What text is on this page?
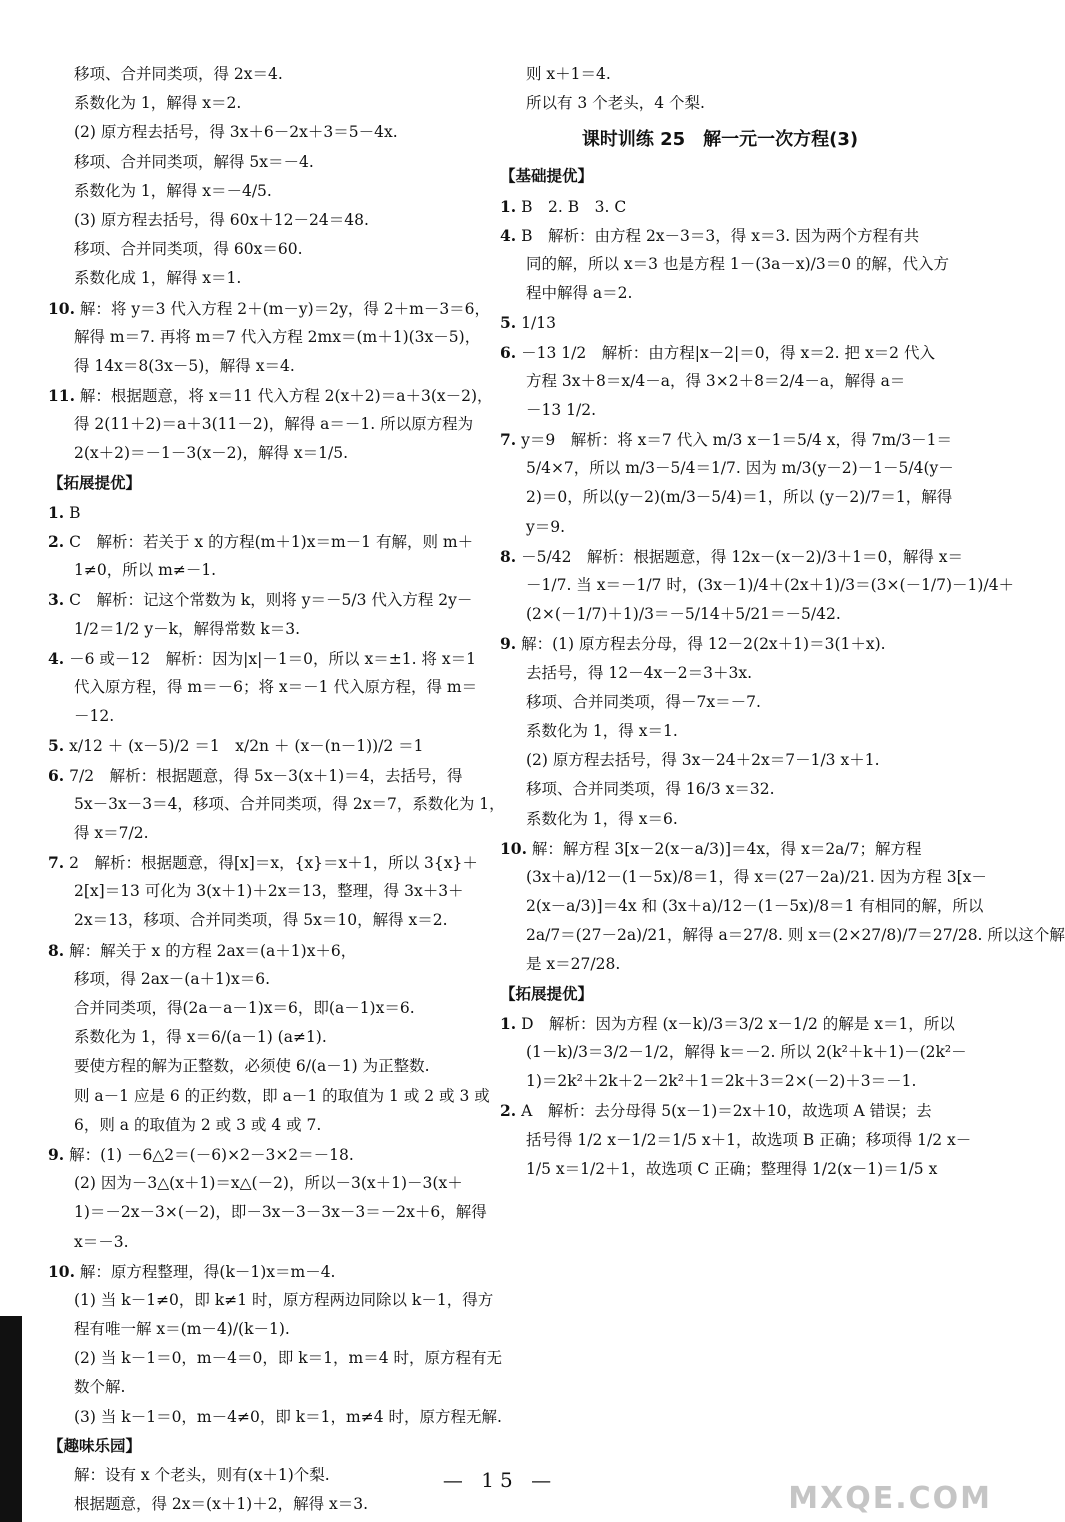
移项、合并同类项，得 2x＝4.
系数化为 1，解得 x＝2.
(2) 原方程去括号，得 3x＋6－2x＋3＝5－4x.
移项、合并同类项，解得 5x＝－4.
系数化为 1，解得 x＝－4/5.
(3) 原方程去括号，得 60x＋12－24＝48.
移项、合并同类项，得 60x＝60.
系数化成 1，解得 x＝1.
10. 解：将 y＝3 代入方程 2＋(m－y)＝2y，得 2＋m－3＝6，
解得 m＝7. 再将 m＝7 代入方程 2mx＝(m＋1)(3x－5)，
得 14x＝8(3x－5)，解得 x＝4.
11. 解：根据题意，将 x＝11 代入方程 2(x＋2)＝a＋3(x－2)，
得 2(11＋2)＝a＋3(11－2)，解得 a＝－1. 所以原方程为
2(x＋2)＝－1－3(x－2)，解得 x＝1/5.
【拓展提优】
1. B
2. C　解析：若关于 x 的方程(m＋1)x＝m－1 有解，则 m＋
1≠0，所以 m≠－1.
3. C　解析：记这个常数为 k，则将 y＝－5/3 代入方程 2y－
1/2＝1/2 y－k，解得常数 k＝3.
4. －6 或－12　解析：因为|x|－1＝0，所以 x＝±1. 将 x＝1
代入原方程，得 m＝－6；将 x＝－1 代入原方程，得 m＝
－12.
5. x/12 ＋ (x－5)/2 ＝1　x/2n ＋ (x－(n－1))/2 ＝1
6. 7/2　解析：根据题意，得 5x－3(x＋1)＝4，去括号，得
5x－3x－3＝4，移项、合并同类项，得 2x＝7，系数化为 1，
得 x＝7/2.
7. 2　解析：根据题意，得[x]＝x，{x}＝x＋1，所以 3{x}＋
2[x]＝13 可化为 3(x＋1)＋2x＝13，整理，得 3x＋3＋
2x＝13，移项、合并同类项，得 5x＝10，解得 x＝2.
8. 解：解关于 x 的方程 2ax＝(a＋1)x＋6，
移项，得 2ax－(a＋1)x＝6.
合并同类项，得(2a－a－1)x＝6，即(a－1)x＝6.
系数化为 1，得 x＝6/(a－1) (a≠1).
要使方程的解为正整数，必须使 6/(a－1) 为正整数.
则 a－1 应是 6 的正约数，即 a－1 的取值为 1 或 2 或 3 或
6，则 a 的取值为 2 或 3 或 4 或 7.
9. 解：(1) －6△2＝(－6)×2－3×2＝－18.
(2) 因为－3△(x＋1)＝x△(－2)，所以－3(x＋1)－3(x＋
1)＝－2x－3×(－2)，即－3x－3－3x－3＝－2x＋6，解得
x＝－3.
10. 解：原方程整理，得(k－1)x＝m－4.
(1) 当 k－1≠0，即 k≠1 时，原方程两边同除以 k－1，得方
程有唯一解 x＝(m－4)/(k－1).
(2) 当 k－1＝0，m－4＝0，即 k＝1，m＝4 时，原方程有无
数个解.
(3) 当 k－1＝0，m－4≠0，即 k＝1，m≠4 时，原方程无解.
【趣味乐园】
解：设有 x 个老头，则有(x＋1)个梨.
根据题意，得 2x＝(x＋1)＋2，解得 x＝3.
则 x＋1＝4.
所以有 3 个老头，4 个梨.
课时训练 25　解一元一次方程(3)
【基础提优】
1. B　2. B　3. C
4. B　解析：由方程 2x－3＝3，得 x＝3. 因为两个方程有共
同的解，所以 x＝3 也是方程 1－(3a－x)/3＝0 的解，代入方
程中解得 a＝2.
5. 1/13
6. －13 1/2　解析：由方程|x－2|＝0，得 x＝2. 把 x＝2 代入
方程 3x＋8＝x/4－a，得 3×2＋8＝2/4－a，解得 a＝
－13 1/2.
7. y＝9　解析：将 x＝7 代入 m/3 x－1＝5/4 x，得 7m/3－1＝
5/4×7，所以 m/3－5/4＝1/7. 因为 m/3(y－2)－1－5/4(y－
2)＝0，所以(y－2)(m/3－5/4)＝1，所以 (y－2)/7＝1，解得
y＝9.
8. －5/42　解析：根据题意，得 12x－(x－2)/3＋1＝0，解得 x＝
－1/7. 当 x＝－1/7 时，(3x－1)/4＋(2x＋1)/3＝(3×(－1/7)－1)/4＋
(2×(－1/7)＋1)/3＝－5/14＋5/21＝－5/42.
9. 解：(1) 原方程去分母，得 12－2(2x＋1)＝3(1＋x).
去括号，得 12－4x－2＝3＋3x.
移项、合并同类项，得－7x＝－7.
系数化为 1，得 x＝1.
(2) 原方程去括号，得 3x－24＋2x＝7－1/3 x＋1.
移项、合并同类项，得 16/3 x＝32.
系数化为 1，得 x＝6.
10. 解：解方程 3[x－2(x－a/3)]＝4x，得 x＝2a/7；解方程
(3x＋a)/12－(1－5x)/8＝1，得 x＝(27－2a)/21. 因为方程 3[x－
2(x－a/3)]＝4x 和 (3x＋a)/12－(1－5x)/8＝1 有相同的解，所以
2a/7＝(27－2a)/21，解得 a＝27/8. 则 x＝(2×27/8)/7＝27/28. 所以这个解
是 x＝27/28.
【拓展提优】
1. D　解析：因为方程 (x－k)/3＝3/2 x－1/2 的解是 x＝1，所以
(1－k)/3＝3/2－1/2，解得 k＝－2. 所以 2(k²＋k＋1)－(2k²－
1)＝2k²＋2k＋2－2k²＋1＝2k＋3＝2×(－2)＋3＝－1.
2. A　解析：去分母得 5(x－1)＝2x＋10，故选项 A 错误；去
括号得 1/2 x－1/2＝1/5 x＋1，故选项 B 正确；移项得 1/2 x－
1/5 x＝1/2＋1，故选项 C 正确；整理得 1/2(x－1)＝1/5 x
— 15 —
MXQE.COM
